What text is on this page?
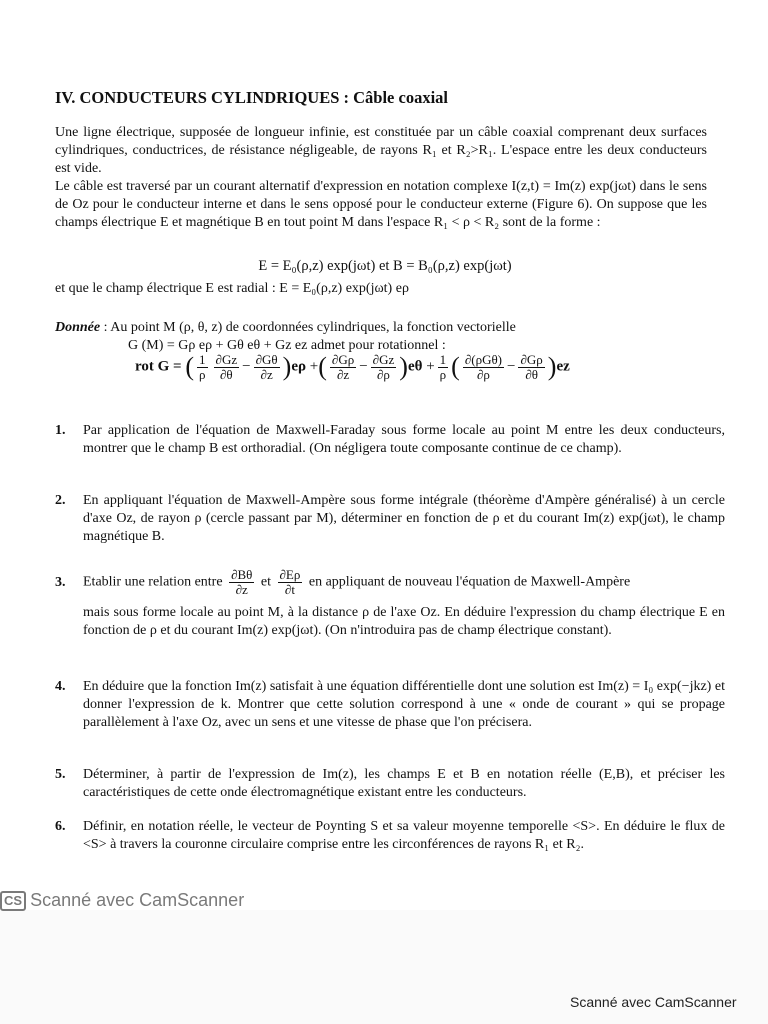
IV. CONDUCTEURS CYLINDRIQUES : Câble coaxial
Une ligne électrique, supposée de longueur infinie, est constituée par un câble coaxial comprenant deux surfaces cylindriques, conductrices, de résistance négligeable, de rayons R₁ et R₂>R₁. L'espace entre les deux conducteurs est vide.
Le câble est traversé par un courant alternatif d'expression en notation complexe I(z,t) = Im(z) exp(jωt) dans le sens de Oz pour le conducteur interne et dans le sens opposé pour le conducteur externe (Figure 6). On suppose que les champs électrique E et magnétique B en tout point M dans l'espace R₁ < ρ < R₂ sont de la forme :
E = E₀(ρ,z) exp(jωt) et B = B₀(ρ,z) exp(jωt)
et que le champ électrique E est radial : E = E₀(ρ,z) exp(jωt) eρ
Donnée : Au point M (ρ, θ, z) de coordonnées cylindriques, la fonction vectorielle
G (M) = Gρ eρ + Gθ eθ + Gz ez admet pour rotationnel :
rot G = ( $\frac{1}{\rho} \frac{\partial Gz}{\partial\theta} - \frac{\partial G\theta}{\partial z} )e\rho$ +( $\frac{\partial G\rho}{\partial z} - \frac{\partial Gz}{\partial\rho} )e\theta + \frac{1}{\rho}$ ( $\frac{\text{∂(ρGθ)}}{\partial\rho} - \frac{\partial G\rho}{\partial\theta} )ez$
1.	Par application de l'équation de Maxwell-Faraday sous forme locale au point M entre les deux conducteurs, montrer que le champ B est orthoradial. (On négligera toute composante continue de ce champ).
2.	En appliquant l'équation de Maxwell-Ampère sous forme intégrale (théorème d'Ampère généralisé) à un cercle d'axe Oz, de rayon ρ (cercle passant par M), déterminer en fonction de ρ et du courant Im(z) exp(jωt), le champ magnétique B.
3.	Etablir une relation entre $\frac{\partial B\theta}{\partial z}$ et $\frac{\partial E\rho}{\partial t}$ en appliquant de nouveau l'équation de Maxwell-Ampère
mais sous forme locale au point M, à la distance ρ de l'axe Oz. En déduire l'expression du champ électrique E en fonction de ρ et du courant Im(z) exp(jωt). (On n'introduira pas de champ électrique constant).
4.	En déduire que la fonction Im(z) satisfait à une équation différentielle dont une solution est Im(z) = I₀ exp(−jkz) et donner l'expression de k. Montrer que cette solution correspond à une « onde de courant » qui se propage parallèlement à l'axe Oz, avec un sens et une vitesse de phase que l'on précisera.
5.	Déterminer, à partir de l'expression de Im(z), les champs E et B en notation réelle (E,B), et préciser les caractéristiques de cette onde électromagnétique existant entre les conducteurs.
6.	Définir, en notation réelle, le vecteur de Poynting S et sa valeur moyenne temporelle <S>. En déduire le flux de <S> à travers la couronne circulaire comprise entre les circonférences de rayons R₁ et R₂.
CS Scanné avec CamScanner
Scanné avec CamScanner
